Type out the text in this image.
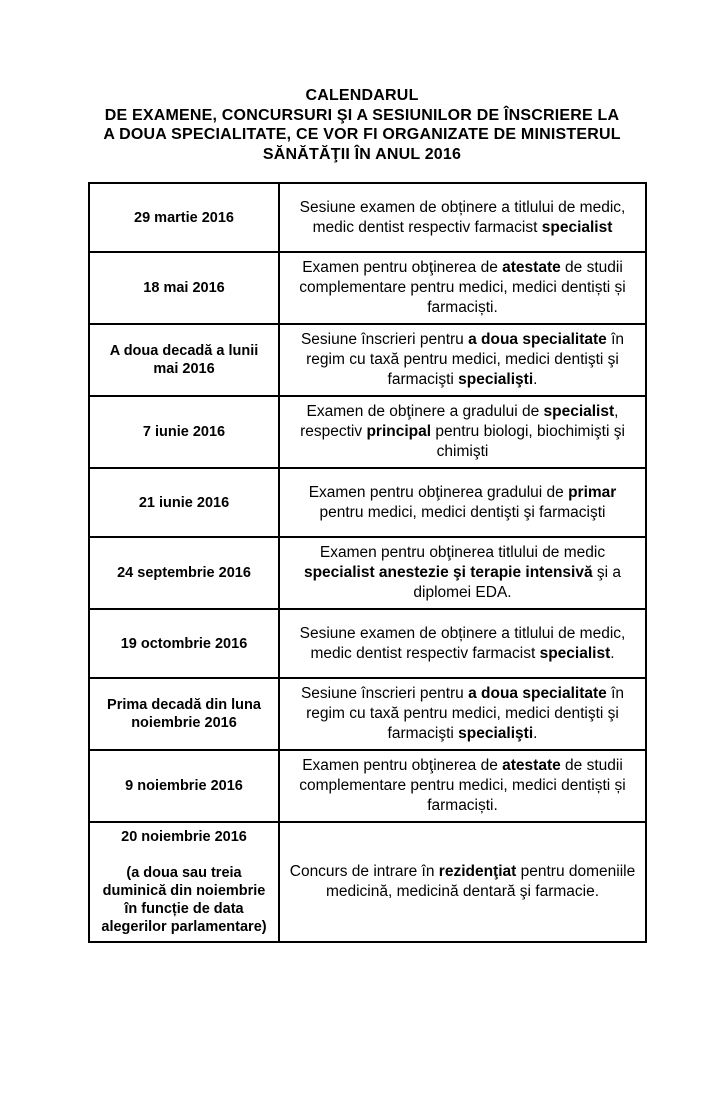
CALENDARUL
DE EXAMENE, CONCURSURI ŞI A SESIUNILOR DE ÎNSCRIERE LA
A DOUA SPECIALITATE, CE VOR FI ORGANIZATE DE MINISTERUL
SĂNĂTĂŢII ÎN ANUL 2016
29 martie 2016	Sesiune examen de obținere a titlului de medic, medic dentist respectiv farmacist specialist

18 mai 2016	Examen pentru obţinerea de atestate de studii complementare pentru medici, medici dentiști și farmaciști.

A doua decadă a lunii mai 2016	Sesiune înscrieri pentru a doua specialitate în regim cu taxă pentru medici, medici dentişti şi farmacişti specialişti.

7 iunie 2016	Examen de obţinere a gradului de specialist, respectiv principal pentru biologi, biochimişti şi chimişti

21 iunie 2016	Examen pentru obţinerea gradului de primar pentru medici, medici dentişti şi farmacişti

24 septembrie 2016	Examen pentru obţinerea titlului de medic specialist anestezie şi terapie intensivă şi a diplomei EDA.

19 octombrie 2016	Sesiune examen de obținere a titlului de medic, medic dentist respectiv farmacist specialist.

Prima decadă din luna noiembrie 2016	Sesiune înscrieri pentru a doua specialitate în regim cu taxă pentru medici, medici dentişti şi farmacişti specialişti.

9 noiembrie 2016	Examen pentru obţinerea de atestate de studii complementare pentru medici, medici dentiști și farmaciști.

20 noiembrie 2016

(a doua sau treia duminică din noiembrie în funcție de data alegerilor parlamentare)	Concurs de intrare în rezidenţiat pentru domeniile medicină, medicină dentară şi farmacie.
